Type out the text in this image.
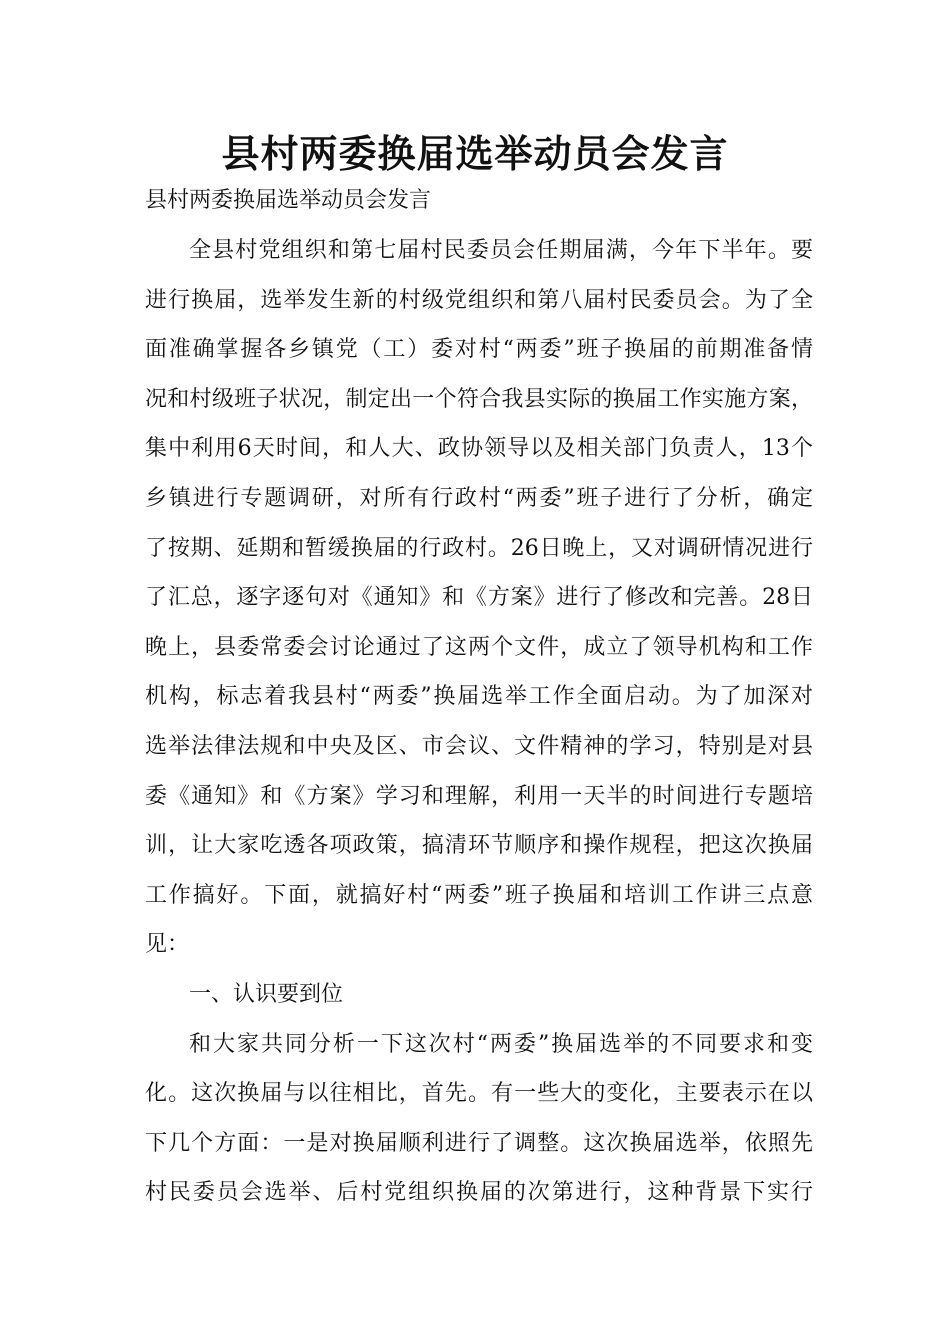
县村两委换届选举动员会发言

县村两委换届选举动员会发言

全县村党组织和第七届村民委员会任期届满，今年下半年。要
进行换届，选举发生新的村级党组织和第八届村民委员会。为了全
面准确掌握各乡镇党（工）委对村“两委”班子换届的前期准备情
况和村级班子状况，制定出一个符合我县实际的换届工作实施方案，
集中利用6天时间，和人大、政协领导以及相关部门负责人，13个
乡镇进行专题调研，对所有行政村“两委”班子进行了分析，确定
了按期、延期和暂缓换届的行政村。26日晚上，又对调研情况进行
了汇总，逐字逐句对《通知》和《方案》进行了修改和完善。28日
晚上，县委常委会讨论通过了这两个文件，成立了领导机构和工作
机构，标志着我县村“两委”换届选举工作全面启动。为了加深对
选举法律法规和中央及区、市会议、文件精神的学习，特别是对县
委《通知》和《方案》学习和理解，利用一天半的时间进行专题培
训，让大家吃透各项政策，搞清环节顺序和操作规程，把这次换届
工作搞好。下面，就搞好村“两委”班子换届和培训工作讲三点意
见：
一、认识要到位
和大家共同分析一下这次村“两委”换届选举的不同要求和变
化。这次换届与以往相比，首先。有一些大的变化，主要表示在以
下几个方面：一是对换届顺利进行了调整。这次换届选举，依照先
村民委员会选举、后村党组织换届的次第进行，这种背景下实行
